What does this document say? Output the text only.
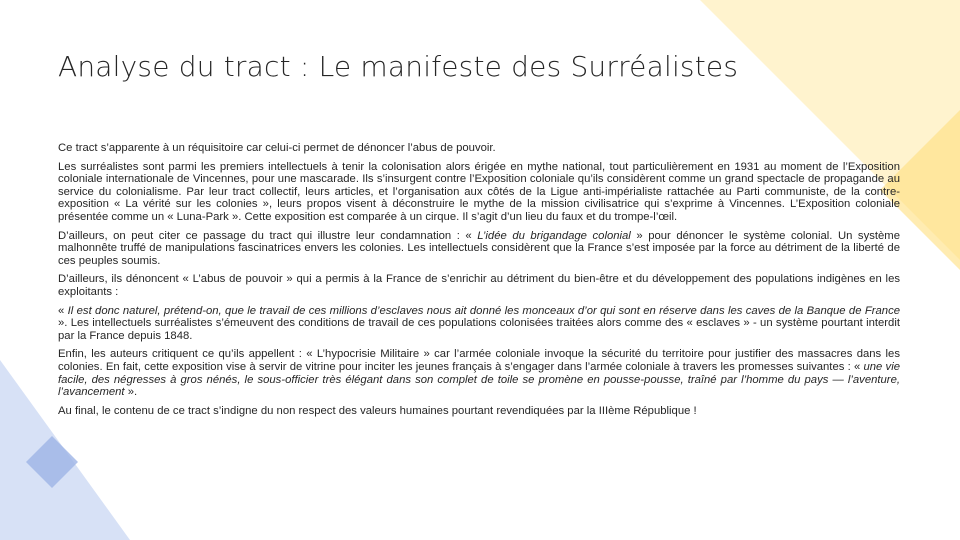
Analyse du tract : Le manifeste des Surréalistes

Ce tract s’apparente à un réquisitoire car celui-ci permet de dénoncer l’abus de pouvoir.

Les surréalistes sont parmi les premiers intellectuels à tenir la colonisation alors érigée en mythe national, tout particulièrement en 1931 au moment de l’Exposition coloniale internationale de Vincennes, pour une mascarade. Ils s’insurgent contre l’Exposition coloniale qu’ils considèrent comme un grand spectacle de propagande au service du colonialisme. Par leur tract collectif, leurs articles, et l’organisation aux côtés de la Ligue anti-impérialiste rattachée au Parti communiste, de la contre-exposition « La vérité sur les colonies », leurs propos visent à déconstruire le mythe de la mission civilisatrice qui s’exprime à Vincennes. L’Exposition coloniale présentée comme un « Luna-Park ». Cette exposition est comparée à un cirque. Il s’agit d’un lieu du faux et du trompe-l’œil.

D’ailleurs, on peut citer ce passage du tract qui illustre leur condamnation : « L’idée du brigandage colonial » pour dénoncer le système colonial. Un système malhonnête truffé de manipulations fascinatrices envers les colonies. Les intellectuels considèrent que la France s’est imposée par la force au détriment de la liberté de ces peuples soumis.

D’ailleurs, ils dénoncent « L’abus de pouvoir » qui a permis à la France de s’enrichir au détriment du bien-être et du développement des populations indigènes en les exploitants :

« Il est donc naturel, prétend-on, que le travail de ces millions d’esclaves nous ait donné les monceaux d’or qui sont en réserve dans les caves de la Banque de France ». Les intellectuels surréalistes s’émeuvent des conditions de travail de ces populations colonisées traitées alors comme des « esclaves » - un système pourtant interdit par la France depuis 1848.

Enfin, les auteurs critiquent ce qu’ils appellent : « L’hypocrisie Militaire » car l’armée coloniale invoque la sécurité du territoire pour justifier des massacres dans les colonies. En fait, cette exposition vise à servir de vitrine pour inciter les jeunes français à s’engager dans l’armée coloniale à travers les promesses suivantes : « une vie facile, des négresses à gros nénés, le sous-officier très élégant dans son complet de toile se promène en pousse-pousse, traîné par l’homme du pays — l’aventure, l’avancement ».

Au final, le contenu de ce tract s’indigne du non respect des valeurs humaines pourtant revendiquées par la IIIème République !
